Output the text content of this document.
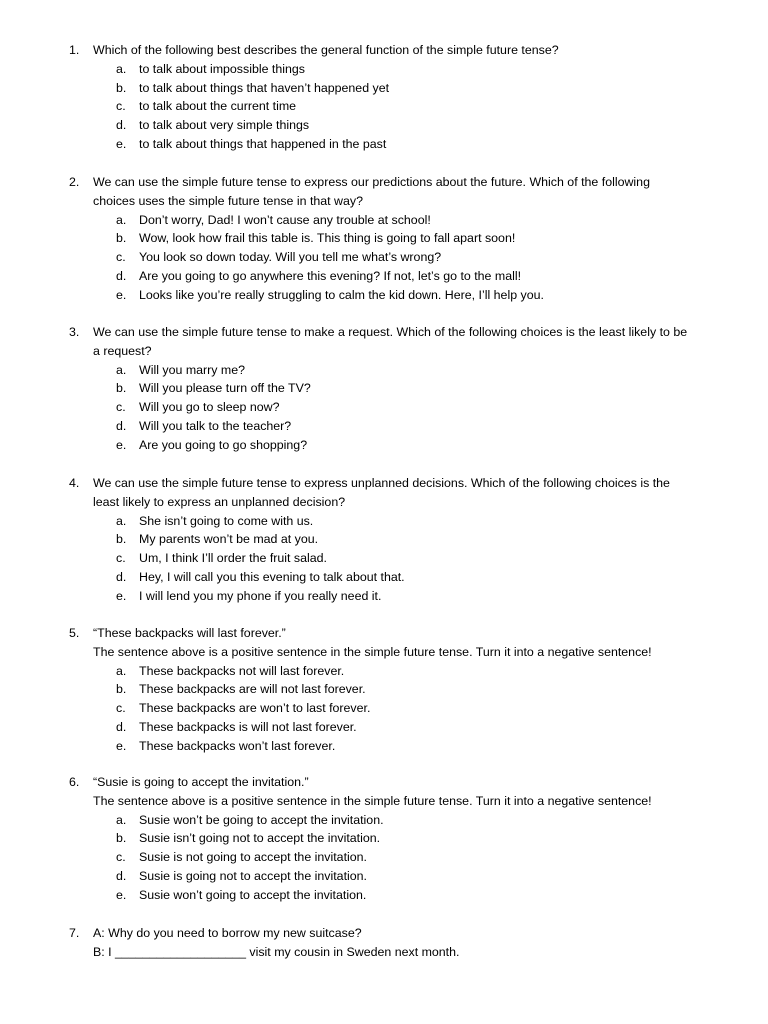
1. Which of the following best describes the general function of the simple future tense?
a. to talk about impossible things
b. to talk about things that haven’t happened yet
c. to talk about the current time
d. to talk about very simple things
e. to talk about things that happened in the past
2. We can use the simple future tense to express our predictions about the future. Which of the following
choices uses the simple future tense in that way?
a. Don’t worry, Dad! I won’t cause any trouble at school!
b. Wow, look how frail this table is. This thing is going to fall apart soon!
c. You look so down today. Will you tell me what’s wrong?
d. Are you going to go anywhere this evening? If not, let’s go to the mall!
e. Looks like you’re really struggling to calm the kid down. Here, I’ll help you.
3. We can use the simple future tense to make a request. Which of the following choices is the least likely to be
a request?
a. Will you marry me?
b. Will you please turn off the TV?
c. Will you go to sleep now?
d. Will you talk to the teacher?
e. Are you going to go shopping?
4. We can use the simple future tense to express unplanned decisions. Which of the following choices is the
least likely to express an unplanned decision?
a. She isn’t going to come with us.
b. My parents won’t be mad at you.
c. Um, I think I’ll order the fruit salad.
d. Hey, I will call you this evening to talk about that.
e. I will lend you my phone if you really need it.
5. “These backpacks will last forever.”
The sentence above is a positive sentence in the simple future tense. Turn it into a negative sentence!
a. These backpacks not will last forever.
b. These backpacks are will not last forever.
c. These backpacks are won’t to last forever.
d. These backpacks is will not last forever.
e. These backpacks won’t last forever.
6. “Susie is going to accept the invitation.”
The sentence above is a positive sentence in the simple future tense. Turn it into a negative sentence!
a. Susie won’t be going to accept the invitation.
b. Susie isn’t going not to accept the invitation.
c. Susie is not going to accept the invitation.
d. Susie is going not to accept the invitation.
e. Susie won’t going to accept the invitation.
7. A: Why do you need to borrow my new suitcase?
B: I ___________________ visit my cousin in Sweden next month.
